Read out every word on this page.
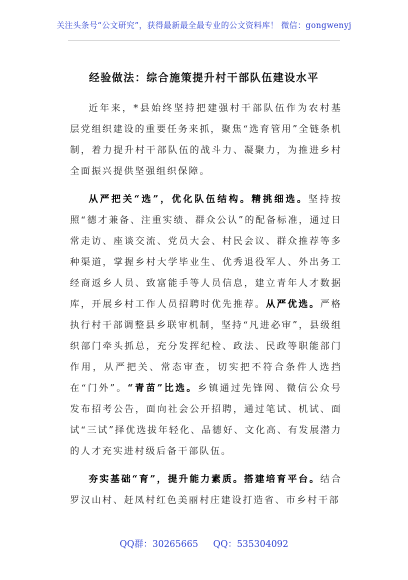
关注头条号“公文研究”，获得最新最全最专业的公文资料库！ 微信：gongwenyj
经验做法：综合施策提升村干部队伍建设水平

近年来，*县始终坚持把建强村干部队伍作为农村基层党组织建设的重要任务来抓，聚焦“选育管用”全链条机制，着力提升村干部队伍的战斗力、凝聚力，为推进乡村全面振兴提供坚强组织保障。

从严把关“选”，优化队伍结构。精挑细选。坚持按照“德才兼备、注重实绩、群众公认”的配备标准，通过日常走访、座谈交流、党员大会、村民会议、群众推荐等多种渠道，掌握乡村大学毕业生、优秀退役军人、外出务工经商返乡人员、致富能手等人员信息，建立青年人才数据库，开展乡村工作人员招聘时优先推荐。从严优选。严格执行村干部调整县乡联审机制，坚持“凡进必审”，县级组织部门牵头抓总，充分发挥纪检、政法、民政等职能部门作用，从严把关、常态审查，切实把不符合条件人选挡在“门外”。“青苗”比选。乡镇通过先锋网、微信公众号发布招考公告，面向社会公开招聘，通过笔试、机试、面试“三试”择优选拔年轻化、品德好、文化高、有发展潜力的人才充实进村级后备干部队伍。

夯实基础“育”，提升能力素质。搭建培育平台。结合罗汉山村、赶凤村红色美丽村庄建设打造省、市乡村干部

QQ群：30265665 QQ：535304092
